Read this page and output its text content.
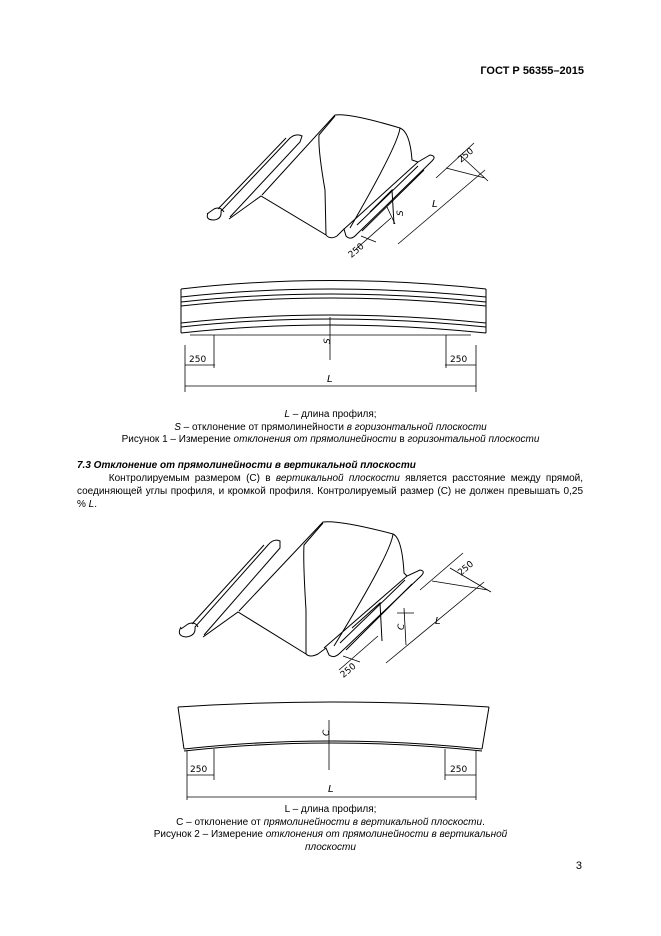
ГОСТ Р 56355–2015
250
250
L
S
250	250
L
S
L – длина профиля;
S – отклонение от прямолинейности в горизонтальной плоскости
Рисунок 1 – Измерение отклонения от прямолинейности в горизонтальной плоскости
7.3 Отклонение от прямолинейности в вертикальной плоскости
Контролируемым размером (С) в вертикальной плоскости является расстояние между прямой, соединяющей углы профиля, и кромкой профиля. Контролируемый размер (С) не должен превышать 0,25 % L.
250
250
L
C
250	250
L
C
L – длина профиля;
С – отклонение от прямолинейности в вертикальной плоскости.
Рисунок 2 – Измерение отклонения от прямолинейности в вертикальной
плоскости
3
